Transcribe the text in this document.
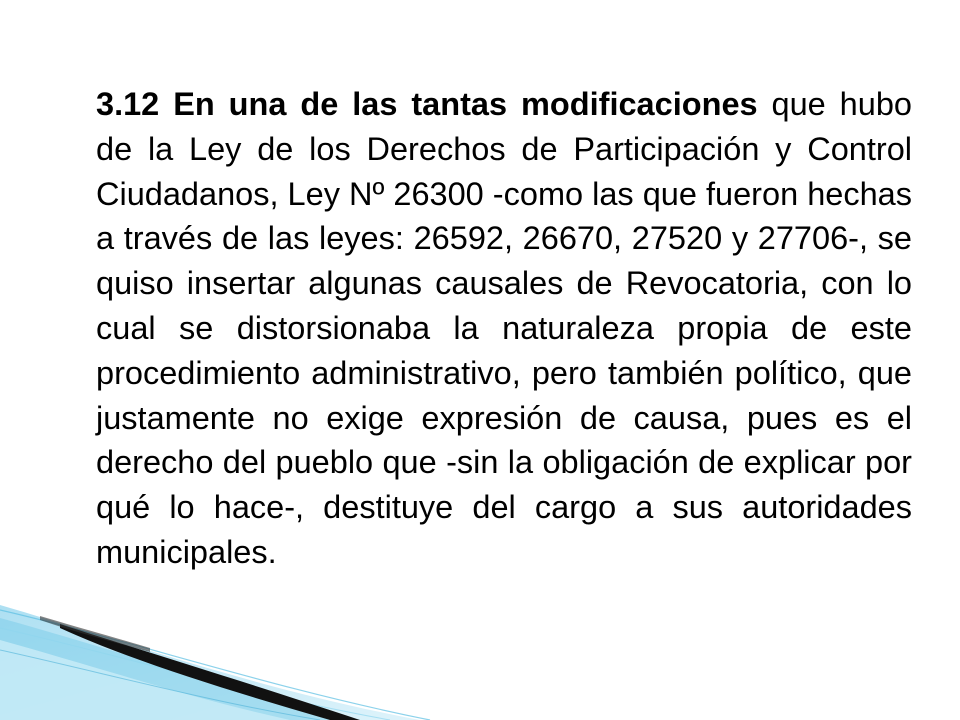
3.12 En una de las tantas modificaciones que hubo de la Ley de los Derechos de Participación y Control Ciudadanos, Ley Nº 26300 -como las que fueron hechas a través de las leyes: 26592, 26670, 27520 y 27706-, se quiso insertar algunas causales de Revocatoria, con lo cual se distorsionaba la naturaleza propia de este procedimiento administrativo, pero también político, que justamente no exige expresión de causa, pues es el derecho del pueblo que -sin la obligación de explicar por qué lo hace-, destituye del cargo a sus autoridades municipales.
